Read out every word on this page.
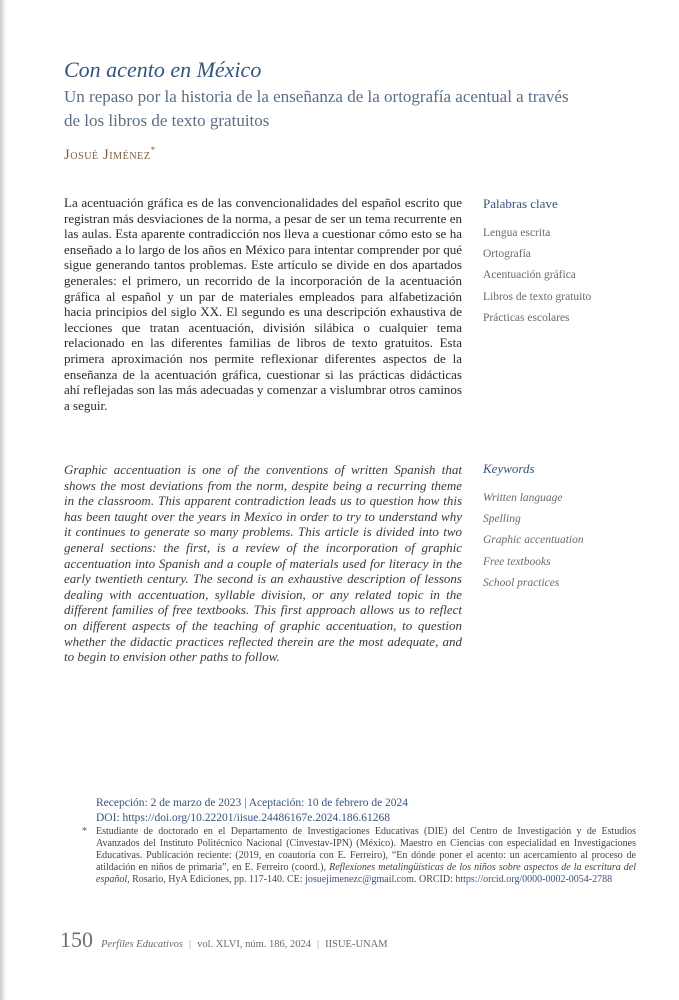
Con acento en México
Un repaso por la historia de la enseñanza de la ortografía acentual a través de los libros de texto gratuitos
Josué Jiménez*

La acentuación gráfica es de las convencionalidades del español escrito que registran más desviaciones de la norma, a pesar de ser un tema recurrente en las aulas. Esta aparente contradicción nos lleva a cuestionar cómo esto se ha enseñado a lo largo de los años en México para intentar comprender por qué sigue generando tantos problemas. Este artículo se divide en dos apartados generales: el primero, un recorrido de la incorporación de la acentuación gráfica al español y un par de materiales empleados para alfabetización hacia principios del siglo XX. El segundo es una descripción exhaustiva de lecciones que tratan acentuación, división silábica o cualquier tema relacionado en las diferentes familias de libros de texto gratuitos. Esta primera aproximación nos permite reflexionar diferentes aspectos de la enseñanza de la acentuación gráfica, cuestionar si las prácticas didácticas ahí reflejadas son las más adecuadas y comenzar a vislumbrar otros caminos a seguir.

Palabras clave
Lengua escrita
Ortografía
Acentuación gráfica
Libros de texto gratuito
Prácticas escolares

Graphic accentuation is one of the conventions of written Spanish that shows the most deviations from the norm, despite being a recurring theme in the classroom. This apparent contradiction leads us to question how this has been taught over the years in Mexico in order to try to understand why it continues to generate so many problems. This article is divided into two general sections: the first, is a review of the incorporation of graphic accentuation into Spanish and a couple of materials used for literacy in the early twentieth century. The second is an exhaustive description of lessons dealing with accentuation, syllable division, or any related topic in the different families of free textbooks. This first approach allows us to reflect on different aspects of the teaching of graphic accentuation, to question whether the didactic practices reflected therein are the most adequate, and to begin to envision other paths to follow.

Keywords
Written language
Spelling
Graphic accentuation
Free textbooks
School practices
Recepción: 2 de marzo de 2023 | Aceptación: 10 de febrero de 2024
DOI: https://doi.org/10.22201/iisue.24486167e.2024.186.61268

* Estudiante de doctorado en el Departamento de Investigaciones Educativas (DIE) del Centro de Investigación y de Estudios Avanzados del Instituto Politécnico Nacional (Cinvestav-IPN) (México). Maestro en Ciencias con especialidad en Investigaciones Educativas. Publicación reciente: (2019, en coautoría con E. Ferreiro), “En dónde poner el acento: un acercamiento al proceso de atildación en niños de primaria”, en E. Ferreiro (coord.), Reflexiones metalingüísticas de los niños sobre aspectos de la escritura del español, Rosario, HyA Ediciones, pp. 117-140. CE: josuejimenezc@gmail.com. ORCID: https://orcid.org/0000-0002-0054-2788

150 Perfiles Educativos | vol. XLVI, núm. 186, 2024 | IISUE-UNAM
